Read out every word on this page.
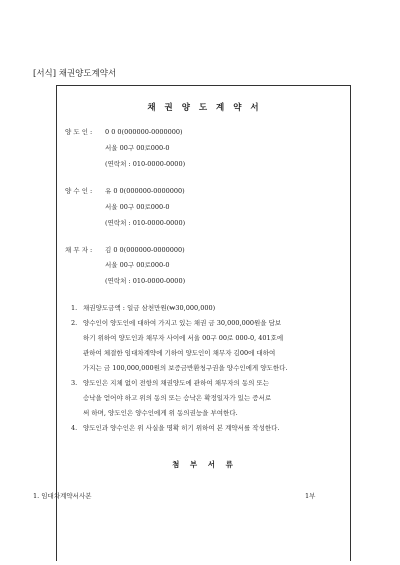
[서식] 채권양도계약서
채 권 양 도 계 약 서
양 도 인 : 0 0 0(000000-0000000)
서울 00구 00로000-0
(연락처 : 010-0000-0000)
양 수 인 : 유 0 0(000000-0000000)
서울 00구 00로000-0
(연락처 : 010-0000-0000)
채 무 자 : 김 0 0(000000-0000000)
서울 00구 00로000-0
(연락처 : 010-0000-0000)
1. 채권양도금액 : 일금 삼천만원(₩30,000,000)
2. 양수인이 양도인에 대하여 가지고 있는 채권 금 30,000,000원을 담보
하기 위하여 양도인과 채무자 사이에 서울 00구 00로 000-0, 401호에
관하여 체결한 임대차계약에 기하여 양도인이 채무자 김00에 대하여
가지는 금 100,000,000원의 보증금반환청구권을 양수인에게 양도한다.
3. 양도인은 지체 없이 전항의 채권양도에 관하여 채무자의 동의 또는
승낙을 얻어야 하고 위의 동의 또는 승낙은 확정일자가 있는 증서로
써 하며, 양도인은 양수인에게 위 동의권능을 부여한다.
4. 양도인과 양수인은 위 사실을 명확 히기 위하여 본 계약서를 작성한다.
첨 부 서 류
1. 임대차계약서사본	1부
